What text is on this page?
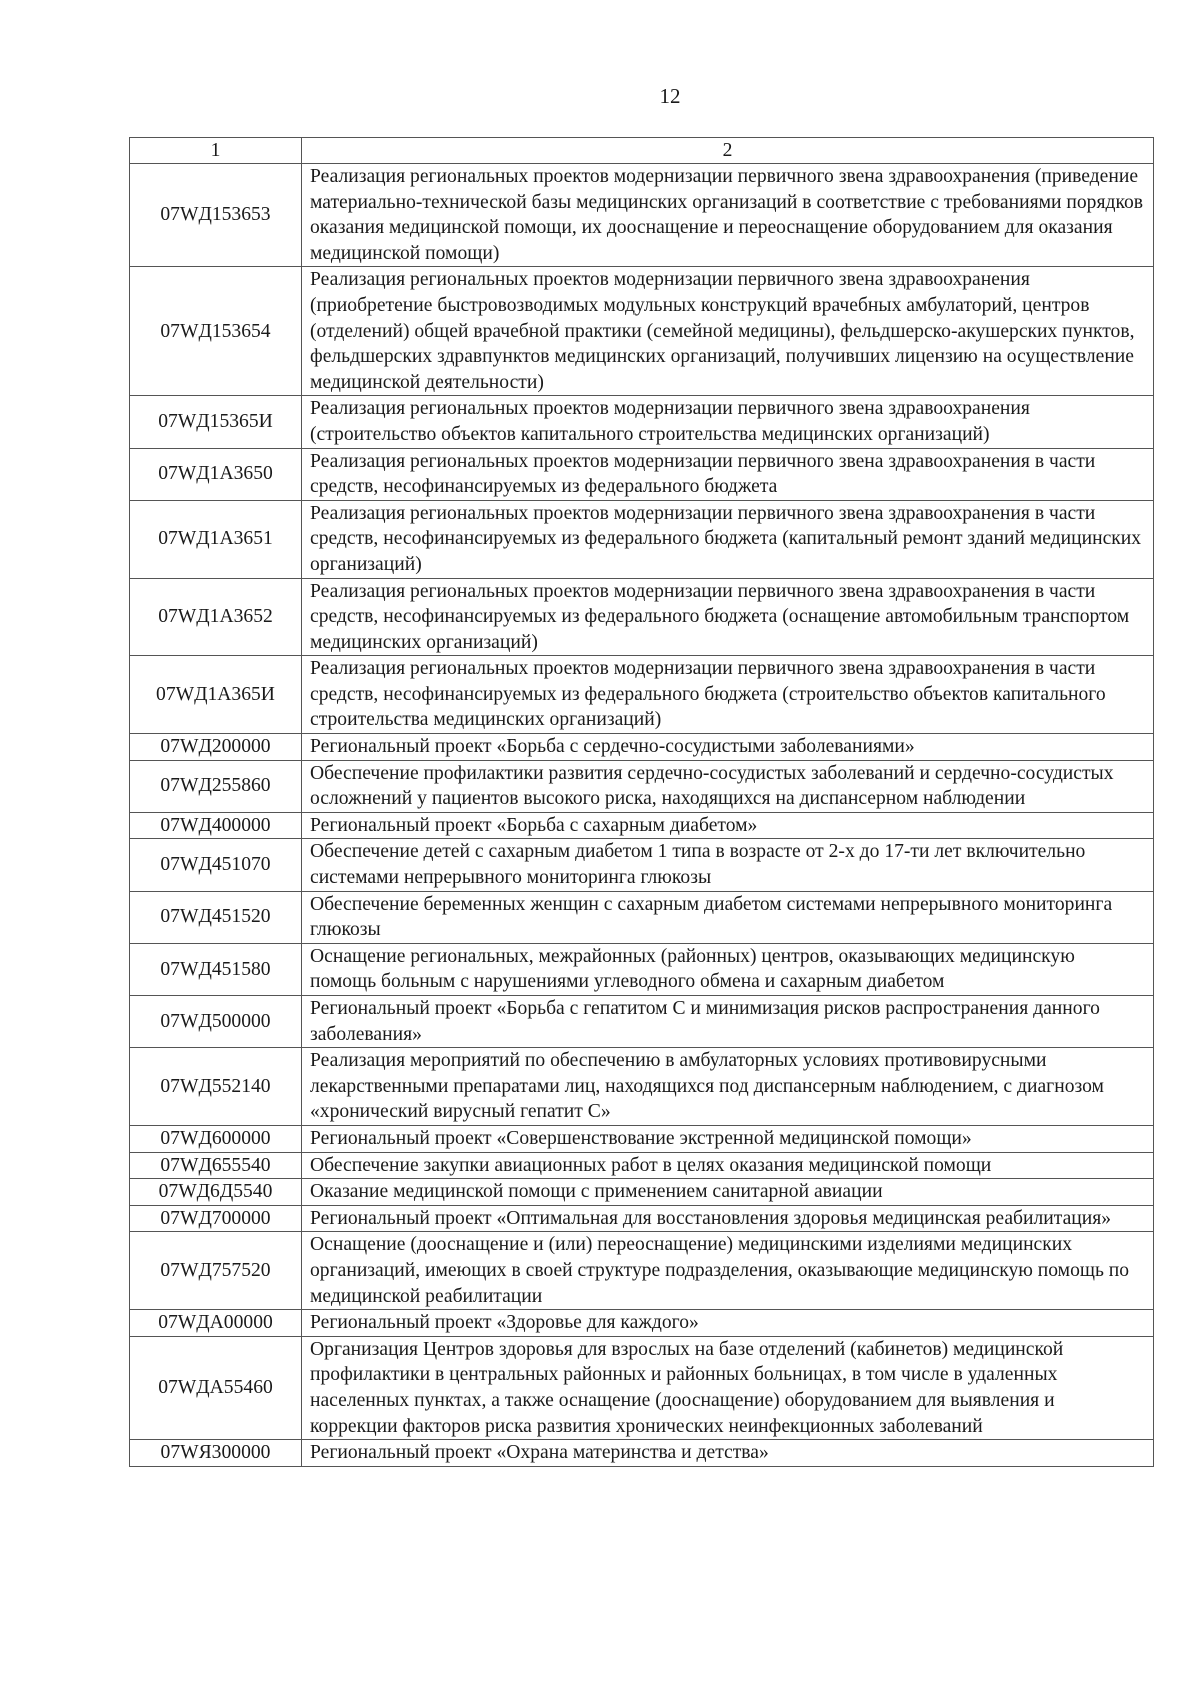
12
1	2
07WД153653	Реализация региональных проектов модернизации первичного звена здравоохранения (приведение материально-технической базы медицинских организаций в соответствие с требованиями порядков оказания медицинской помощи, их дооснащение и переоснащение оборудованием для оказания медицинской помощи)
07WД153654	Реализация региональных проектов модернизации первичного звена здравоохранения (приобретение быстровозводимых модульных конструкций врачебных амбулаторий, центров (отделений) общей врачебной практики (семейной медицины), фельдшерско-акушерских пунктов, фельдшерских здравпунктов медицинских организаций, получивших лицензию на осуществление медицинской деятельности)
07WД15365И	Реализация региональных проектов модернизации первичного звена здравоохранения (строительство объектов капитального строительства медицинских организаций)
07WД1А3650	Реализация региональных проектов модернизации первичного звена здравоохранения в части средств, несофинансируемых из федерального бюджета
07WД1А3651	Реализация региональных проектов модернизации первичного звена здравоохранения в части средств, несофинансируемых из федерального бюджета (капитальный ремонт зданий медицинских организаций)
07WД1А3652	Реализация региональных проектов модернизации первичного звена здравоохранения в части средств, несофинансируемых из федерального бюджета (оснащение автомобильным транспортом медицинских организаций)
07WД1А365И	Реализация региональных проектов модернизации первичного звена здравоохранения в части средств, несофинансируемых из федерального бюджета (строительство объектов капитального строительства медицинских организаций)
07WД200000	Региональный проект «Борьба с сердечно-сосудистыми заболеваниями»
07WД255860	Обеспечение профилактики развития сердечно-сосудистых заболеваний и сердечно-сосудистых осложнений у пациентов высокого риска, находящихся на диспансерном наблюдении
07WД400000	Региональный проект «Борьба с сахарным диабетом»
07WД451070	Обеспечение детей с сахарным диабетом 1 типа в возрасте от 2-х до 17-ти лет включительно системами непрерывного мониторинга глюкозы
07WД451520	Обеспечение беременных женщин с сахарным диабетом системами непрерывного мониторинга глюкозы
07WД451580	Оснащение региональных, межрайонных (районных) центров, оказывающих медицинскую помощь больным с нарушениями углеводного обмена и сахарным диабетом
07WД500000	Региональный проект «Борьба с гепатитом С и минимизация рисков распространения данного заболевания»
07WД552140	Реализация мероприятий по обеспечению в амбулаторных условиях противовирусными лекарственными препаратами лиц, находящихся под диспансерным наблюдением, с диагнозом «хронический вирусный гепатит С»
07WД600000	Региональный проект «Совершенствование экстренной медицинской помощи»
07WД655540	Обеспечение закупки авиационных работ в целях оказания медицинской помощи
07WД6Д5540	Оказание медицинской помощи с применением санитарной авиации
07WД700000	Региональный проект «Оптимальная для восстановления здоровья медицинская реабилитация»
07WД757520	Оснащение (дооснащение и (или) переоснащение) медицинскими изделиями медицинских организаций, имеющих в своей структуре подразделения, оказывающие медицинскую помощь по медицинской реабилитации
07WДА00000	Региональный проект «Здоровье для каждого»
07WДА55460	Организация Центров здоровья для взрослых на базе отделений (кабинетов) медицинской профилактики в центральных районных и районных больницах, в том числе в удаленных населенных пунктах, а также оснащение (дооснащение) оборудованием для выявления и коррекции факторов риска развития хронических неинфекционных заболеваний
07WЯ300000	Региональный проект «Охрана материнства и детства»
